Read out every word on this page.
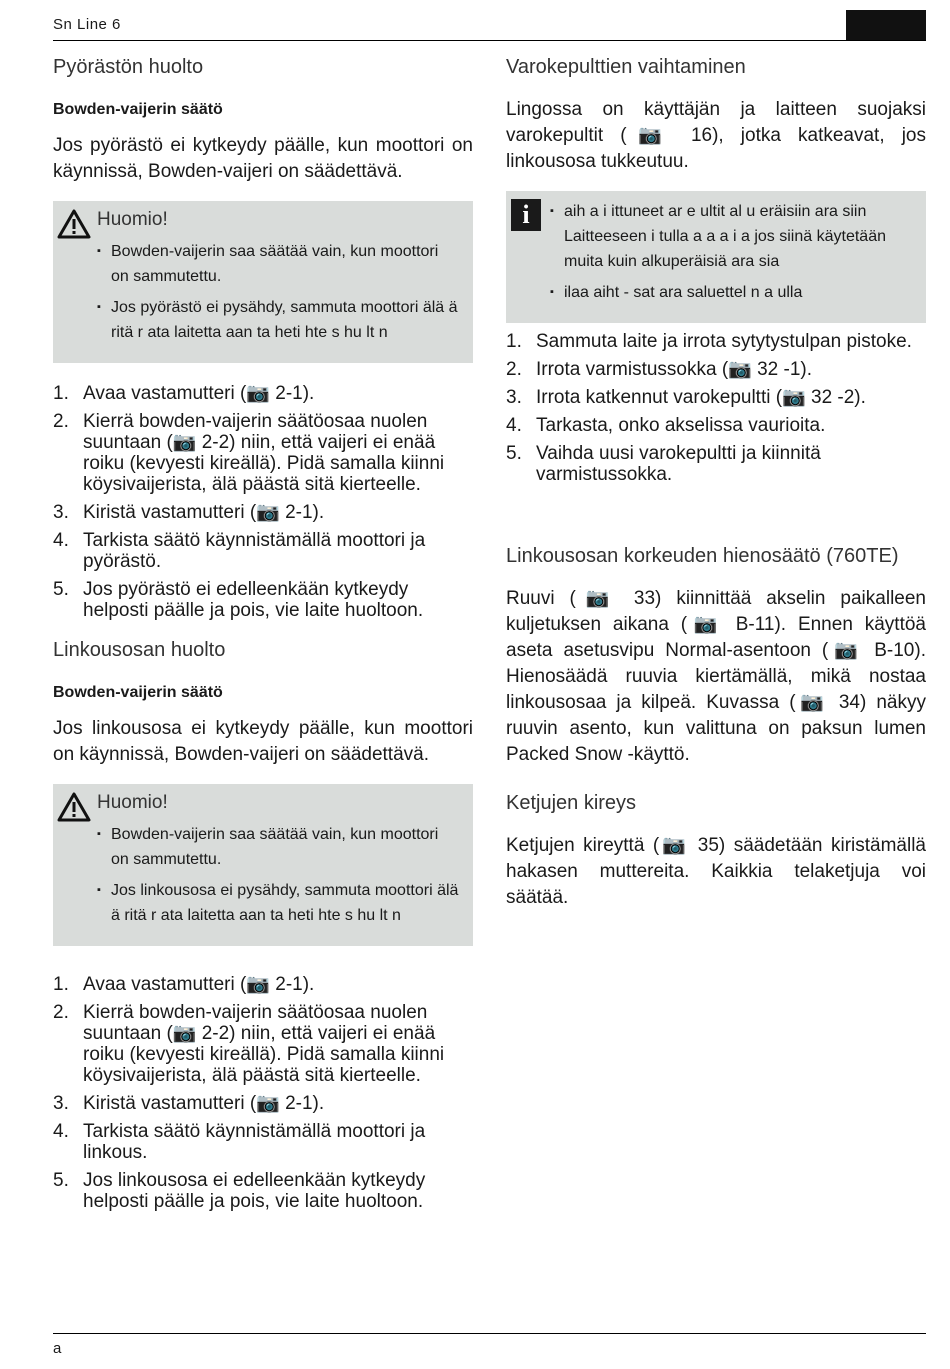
Sn Line 6
Pyörästön huolto
Bowden-vaijerin säätö

Jos pyörästö ei kytkeydy päälle, kun moottori on käynnissä, Bowden-vaijeri on säädettävä.

Huomio!
▪ Bowden-vaijerin saa säätää vain, kun moottori on sammutettu.
▪ Jos pyörästö ei pysähdy, sammuta moottori älä ä ritä r ata laitetta aan ta heti hte s hu lt n
1. Avaa vastamutteri (📷 2-1).
2. Kierrä bowden-vaijerin säätöosaa nuolen suuntaan (📷 2-2) niin, että vaijeri ei enää roiku (kevyesti kireällä). Pidä samalla kiinni köysivaijerista, älä päästä sitä kierteelle.
3. Kiristä vastamutteri (📷 2-1).
4. Tarkista säätö käynnistämällä moottori ja pyörästö.
5. Jos pyörästö ei edelleenkään kytkeydy helposti päälle ja pois, vie laite huoltoon.
Linkousosan huolto
Bowden-vaijerin säätö

Jos linkousosa ei kytkeydy päälle, kun moottori on käynnissä, Bowden-vaijeri on säädettävä.

Huomio!
▪ Bowden-vaijerin saa säätää vain, kun moottori on sammutettu.
▪ Jos linkousosa ei pysähdy, sammuta moottori älä ä ritä r ata laitetta aan ta heti hte s hu lt n
1. Avaa vastamutteri (📷 2-1).
2. Kierrä bowden-vaijerin säätöosaa nuolen suuntaan (📷 2-2) niin, että vaijeri ei enää roiku (kevyesti kireällä). Pidä samalla kiinni köysivaijerista, älä päästä sitä kierteelle.
3. Kiristä vastamutteri (📷 2-1).
4. Tarkista säätö käynnistämällä moottori ja linkous.
5. Jos linkousosa ei edelleenkään kytkeydy helposti päälle ja pois, vie laite huoltoon.
Varokepulttien vaihtaminen

Lingossa on käyttäjän ja laitteen suojaksi varokepultit (📷 16), jotka katkeavat, jos linkousosa tukkeutuu.

i
▪	aih a i ittuneet ar e ultit al u eräisiin ara siin Laitteeseen i tulla a a a i a jos siinä käytetään muita kuin alkuperäisiä ara sia
▪ ilaa aiht - sat ara saluettel n a ulla
1. Sammuta laite ja irrota sytytystulpan pistoke.
2. Irrota varmistussokka (📷 32 -1).
3. Irrota katkennut varokepultti (📷 32 -2).
4. Tarkasta, onko akselissa vaurioita.
5. Vaihda uusi varokepultti ja kiinnitä varmistussokka.
Linkousosan korkeuden hienosäätö (760TE)

Ruuvi (📷 33) kiinnittää akselin paikalleen kuljetuksen aikana (📷 B-11). Ennen käyttöä aseta asetusvipu Normal-asentoon (📷 B-10). Hienosäädä ruuvia kiertämällä, mikä nostaa linkousosaa ja kilpeä. Kuvassa (📷 34) näkyy ruuvin asento, kun valittuna on paksun lumen Packed Snow -käyttö.

Ketjujen kireys

Ketjujen kireyttä (📷 35) säädetään kiristämällä hakasen muttereita. Kaikkia telaketjuja voi säätää.

a
